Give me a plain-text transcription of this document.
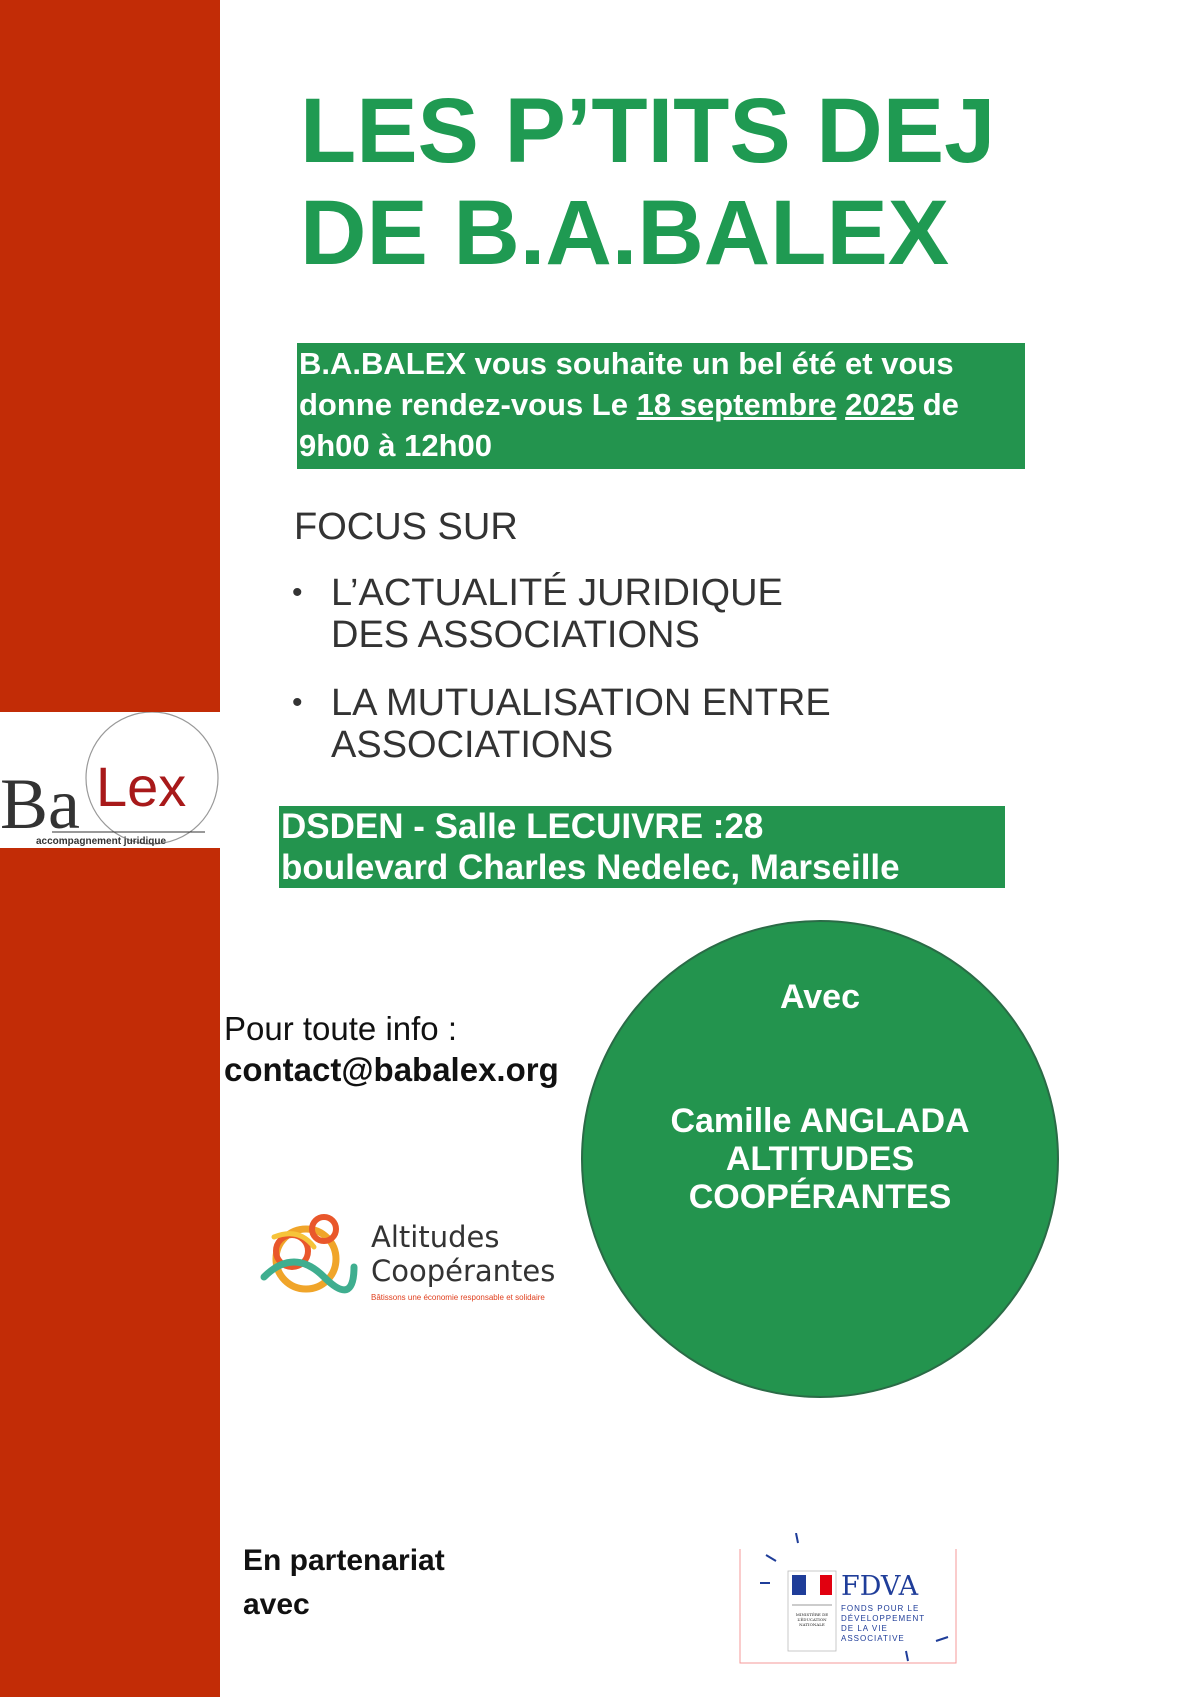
LES P’TITS DEJ
DE B.A.BALEX
B.A.BALEX vous souhaite un bel été et vous donne rendez-vous Le 18 septembre 2025 de 9h00 à 12h00
FOCUS SUR
• L’ACTUALITÉ JURIDIQUE
DES ASSOCIATIONS
• LA MUTUALISATION ENTRE
ASSOCIATIONS
DSDEN - Salle LECUIVRE :28
boulevard Charles Nedelec, Marseille
Pour toute info :
contact@babalex.org
Avec
Camille ANGLADA
ALTITUDES
COOPÉRANTES
Ba Lex
accompagnement juridique
Altitudes
Coopérantes
Bâtissons une économie responsable et solidaire
En partenariat
avec	MINISTÈRE DE L’ÉDUCATION NATIONALE
FDVA
FONDS POUR LE DÉVELOPPEMENT DE LA VIE ASSOCIATIVE
